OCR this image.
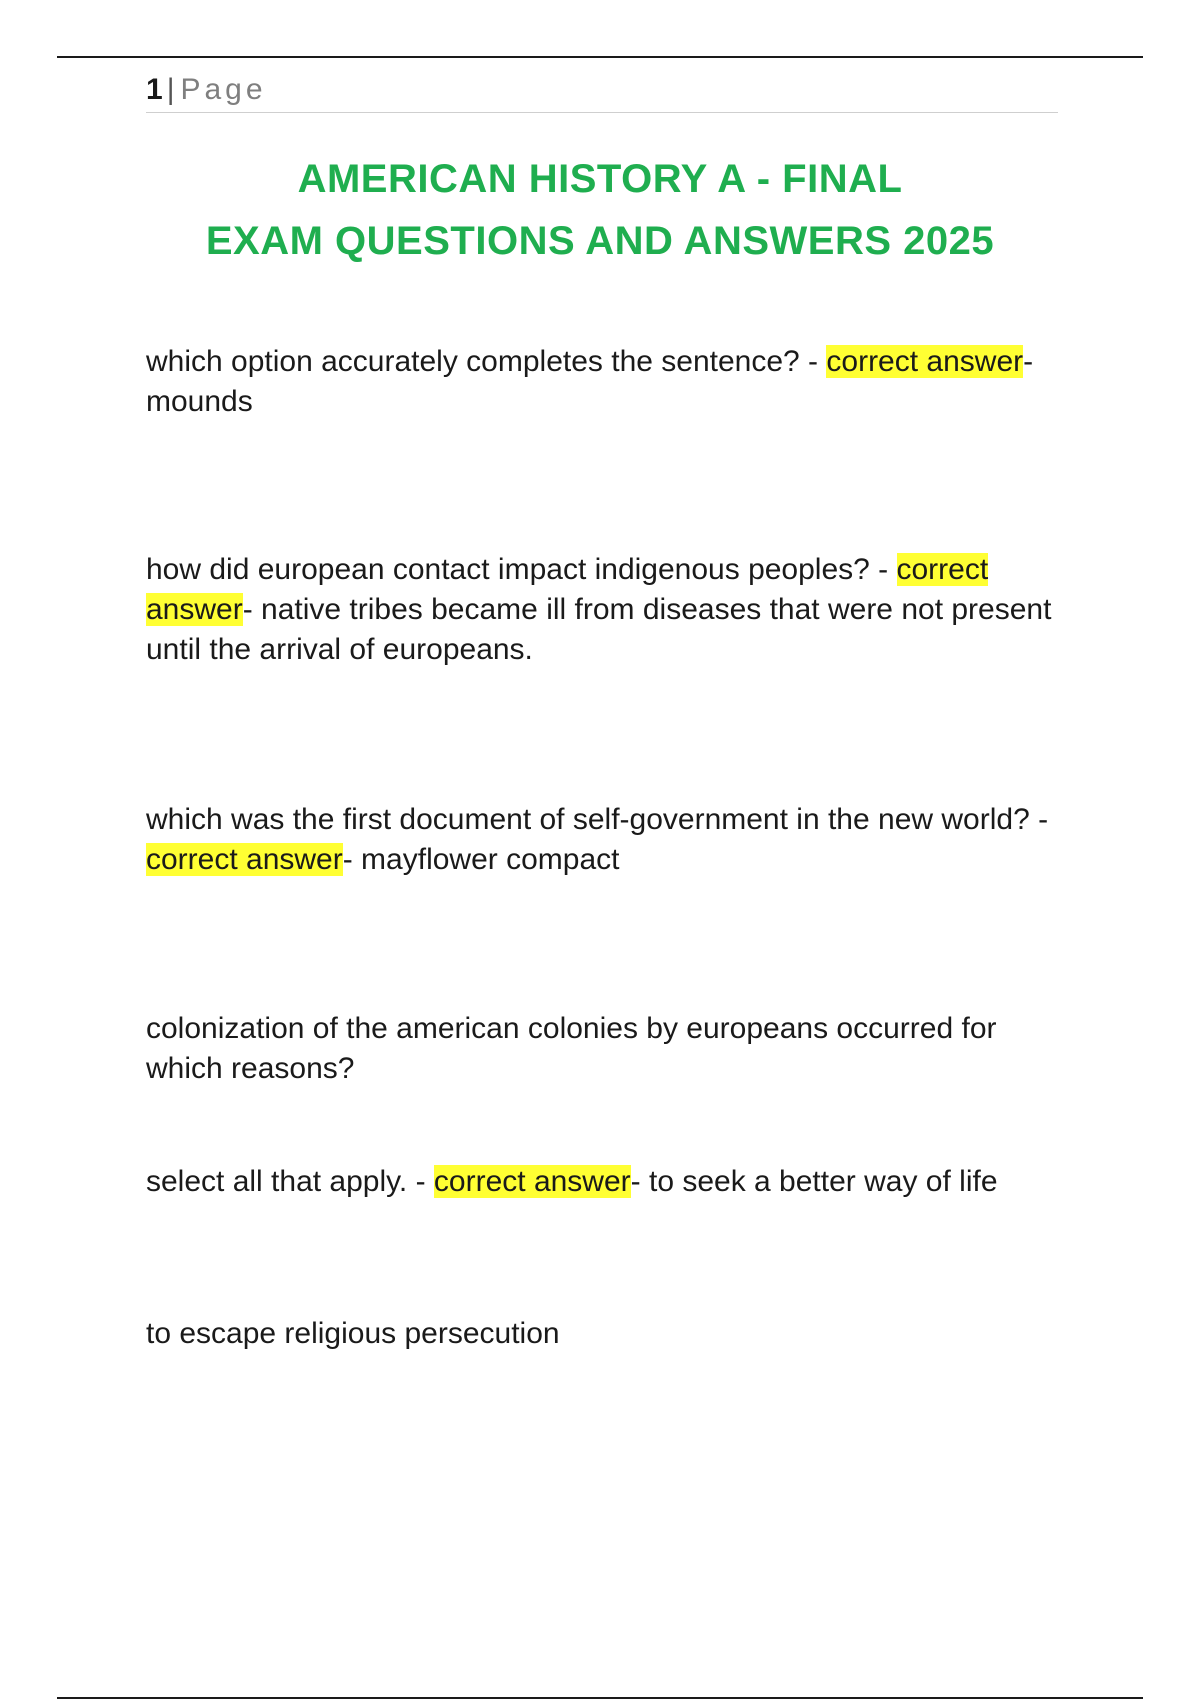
1 | Page
AMERICAN HISTORY A - FINAL
EXAM QUESTIONS AND ANSWERS 2025

which option accurately completes the sentence? - correct answer- mounds

how did european contact impact indigenous peoples? - correct answer- native tribes became ill from diseases that were not present until the arrival of europeans.

which was the first document of self-government in the new world? - correct answer- mayflower compact

colonization of the american colonies by europeans occurred for which reasons?

select all that apply. - correct answer- to seek a better way of life

to escape religious persecution
